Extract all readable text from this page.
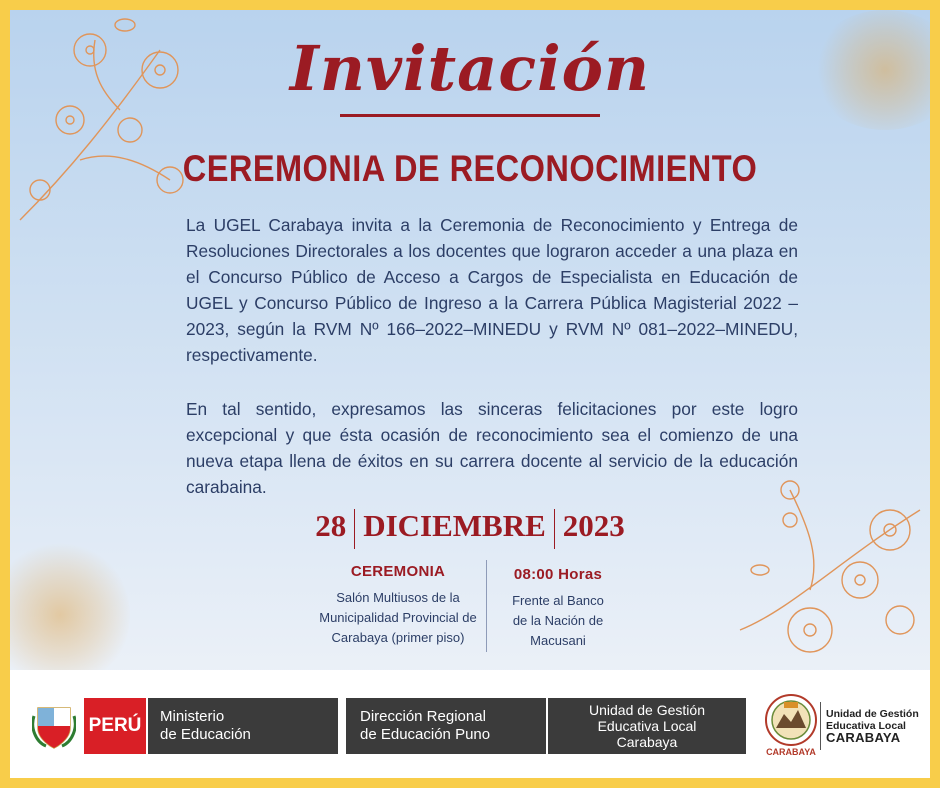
Invitación
CEREMONIA DE RECONOCIMIENTO
La UGEL Carabaya invita a la Ceremonia de Reconocimiento y Entrega de Resoluciones Directorales a los docentes que lograron acceder a una plaza en el Concurso Público de Acceso a Cargos de Especialista en Educación de UGEL y Concurso Público de Ingreso a la Carrera Pública Magisterial 2022 – 2023, según la RVM Nº 166–2022–MINEDU y RVM Nº 081–2022–MINEDU, respectivamente.
En tal sentido, expresamos las sinceras felicitaciones por este logro excepcional y que ésta ocasión de reconocimiento sea el comienzo de una nueva etapa llena de éxitos en su carrera docente al servicio de la educación carabaina.
28 DICIEMBRE 2023
CEREMONIA
Salón Multiusos de la
Municipalidad Provincial de
Carabaya (primer piso)
08:00 Horas
Frente al Banco
de la Nación de
Macusani
PERÚ	Ministerio
de Educación
Dirección Regional
de Educación Puno
Unidad de Gestión
Educativa Local
Carabaya
CARABAYA
Unidad de Gestión
Educativa Local
CARABAYA
